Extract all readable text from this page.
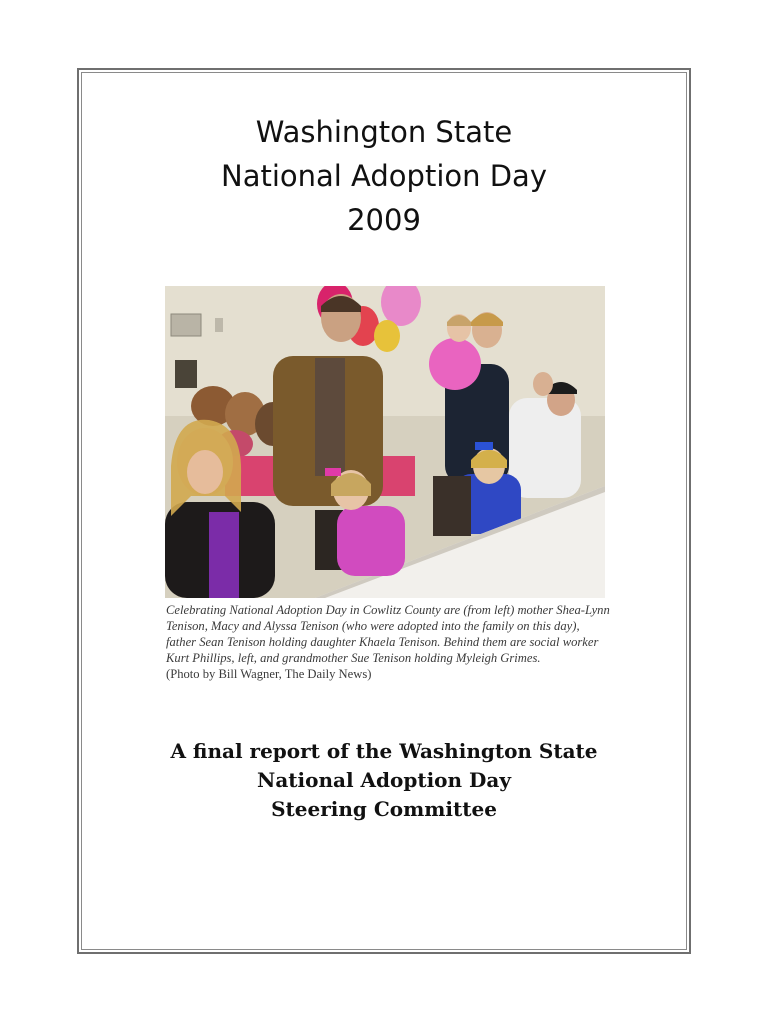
Washington State
National Adoption Day
2009
Celebrating National Adoption Day in Cowlitz County are (from left) mother Shea-Lynn Tenison, Macy and Alyssa Tenison (who were adopted into the family on this day), father Sean Tenison holding daughter Khaela Tenison. Behind them are social worker Kurt Phillips, left, and grandmother Sue Tenison holding Myleigh Grimes.
(Photo by Bill Wagner, The Daily News)
A final report of the Washington State
National Adoption Day
Steering Committee
